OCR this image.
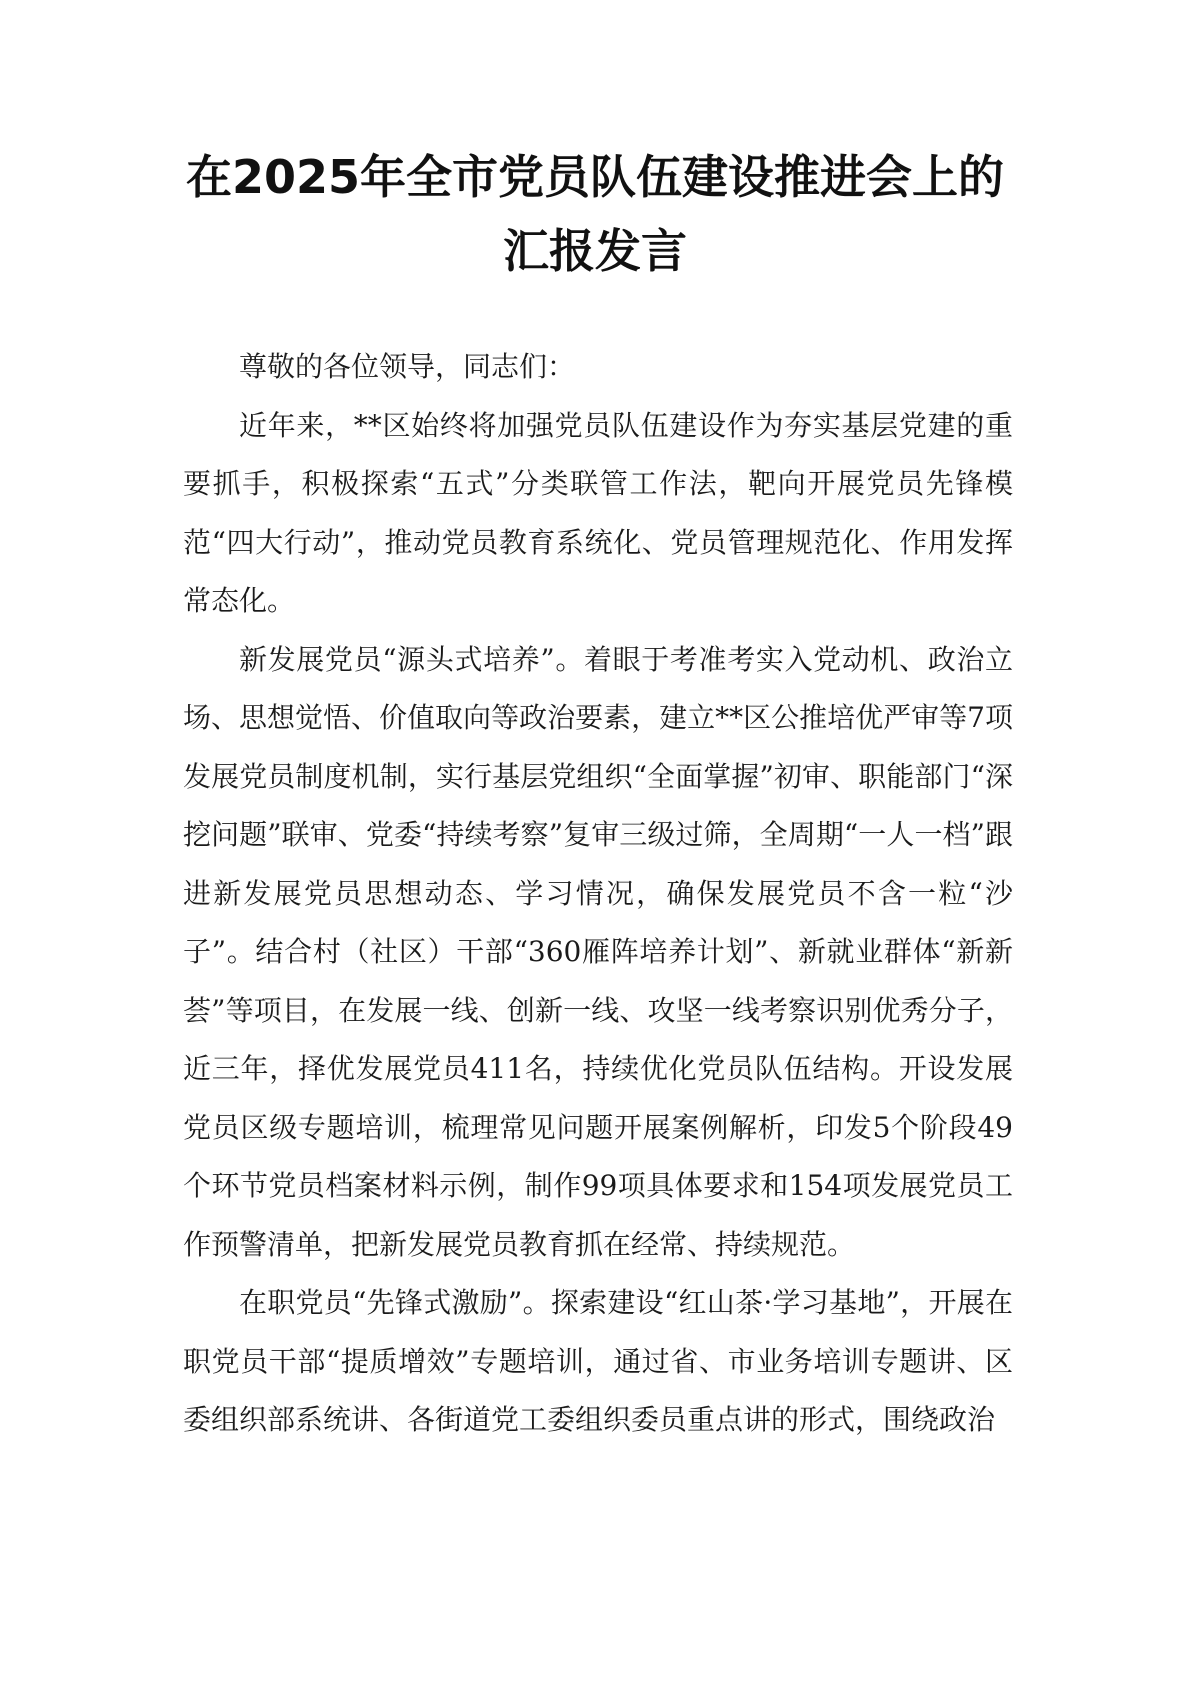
在2025年全市党员队伍建设推进会上的汇报发言

尊敬的各位领导，同志们：

近年来，**区始终将加强党员队伍建设作为夯实基层党建的重要抓手，积极探索“五式”分类联管工作法，靶向开展党员先锋模范“四大行动”，推动党员教育系统化、党员管理规范化、作用发挥常态化。

新发展党员“源头式培养”。着眼于考准考实入党动机、政治立场、思想觉悟、价值取向等政治要素，建立**区公推培优严审等7项发展党员制度机制，实行基层党组织“全面掌握”初审、职能部门“深挖问题”联审、党委“持续考察”复审三级过筛，全周期“一人一档”跟进新发展党员思想动态、学习情况，确保发展党员不含一粒“沙子”。结合村（社区）干部“360雁阵培养计划”、新就业群体“新新荟”等项目，在发展一线、创新一线、攻坚一线考察识别优秀分子，近三年，择优发展党员411名，持续优化党员队伍结构。开设发展党员区级专题培训，梳理常见问题开展案例解析，印发5个阶段49个环节党员档案材料示例，制作99项具体要求和154项发展党员工作预警清单，把新发展党员教育抓在经常、持续规范。

在职党员“先锋式激励”。探索建设“红山茶·学习基地”，开展在职党员干部“提质增效”专题培训，通过省、市业务培训专题讲、区委组织部系统讲、各街道党工委组织委员重点讲的形式，围绕政治
